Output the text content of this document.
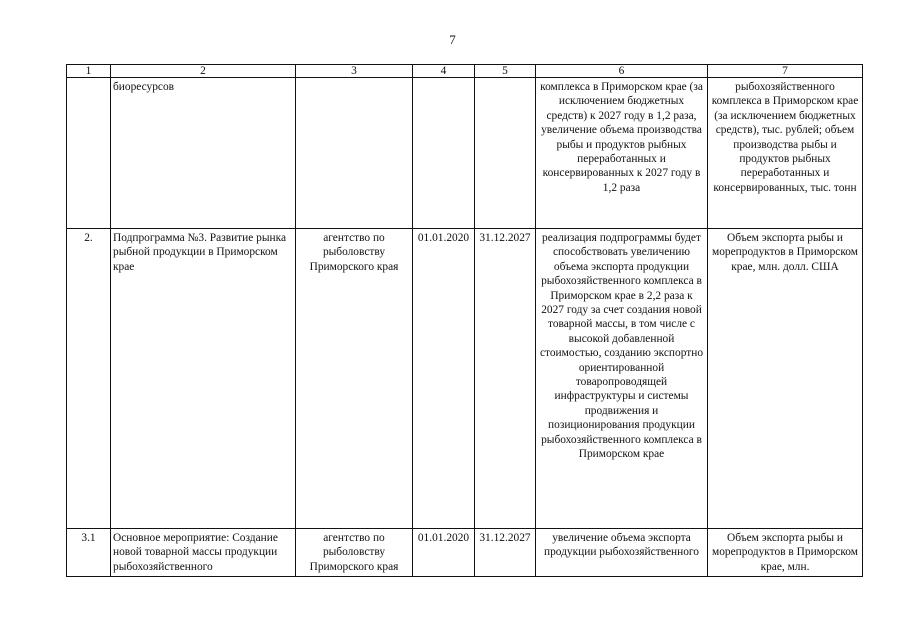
7
1	2	3	4	5	6	7
	биоресурсов				комплекса в Приморском крае (за исключением бюджетных средств) к 2027 году в 1,2 раза, увеличение объема производства рыбы и продуктов рыбных переработанных и консервированных к 2027 году в 1,2 раза	рыбохозяйственного комплекса в Приморском крае (за исключением бюджетных средств), тыс. рублей; объем производства рыбы и продуктов рыбных переработанных и консервированных, тыс. тонн
2.	Подпрограмма №3. Развитие рынка рыбной продукции в Приморском крае	агентство по рыболовству Приморского края	01.01.2020	31.12.2027	реализация подпрограммы будет способствовать увеличению объема экспорта продукции рыбохозяйственного комплекса в Приморском крае в 2,2 раза к 2027 году за счет создания новой товарной массы, в том числе с высокой добавленной стоимостью, созданию экспортно ориентированной товаропроводящей инфраструктуры и системы продвижения и позиционирования продукции рыбохозяйственного комплекса в Приморском крае	Объем экспорта рыбы и морепродуктов в Приморском крае, млн. долл. США
3.1	Основное мероприятие: Создание новой товарной массы продукции рыбохозяйственного	агентство по рыболовству Приморского края	01.01.2020	31.12.2027	увеличение объема экспорта продукции рыбохозяйственного	Объем экспорта рыбы и морепродуктов в Приморском крае, млн.
